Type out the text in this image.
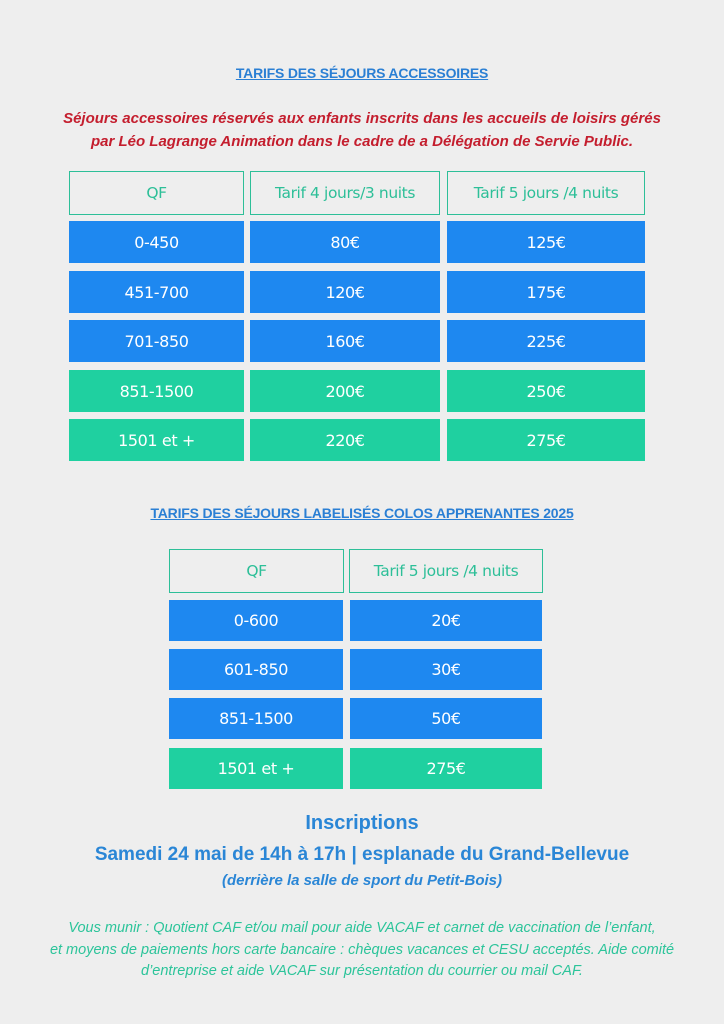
TARIFS DES SÉJOURS ACCESSOIRES
Séjours accessoires réservés aux enfants inscrits dans les accueils de loisirs gérés
par Léo Lagrange Animation dans le cadre de a Délégation de Servie Public.
QF	Tarif 4 jours/3 nuits	Tarif 5 jours /4 nuits
0-450	80€	125€
451-700	120€	175€
701-850	160€	225€
851-1500	200€	250€
1501 et +	220€	275€
TARIFS DES SÉJOURS LABELISÉS COLOS APPRENANTES 2025
QF	Tarif 5 jours /4 nuits
0-600	20€
601-850	30€
851-1500	50€
1501 et +	275€
Inscriptions
Samedi 24 mai de 14h à 17h | esplanade du Grand-Bellevue
(derrière la salle de sport du Petit-Bois)
Vous munir : Quotient CAF et/ou mail pour aide VACAF et carnet de vaccination de l’enfant,
et moyens de paiements hors carte bancaire : chèques vacances et CESU acceptés. Aide comité
d’entreprise et aide VACAF sur présentation du courrier ou mail CAF.
